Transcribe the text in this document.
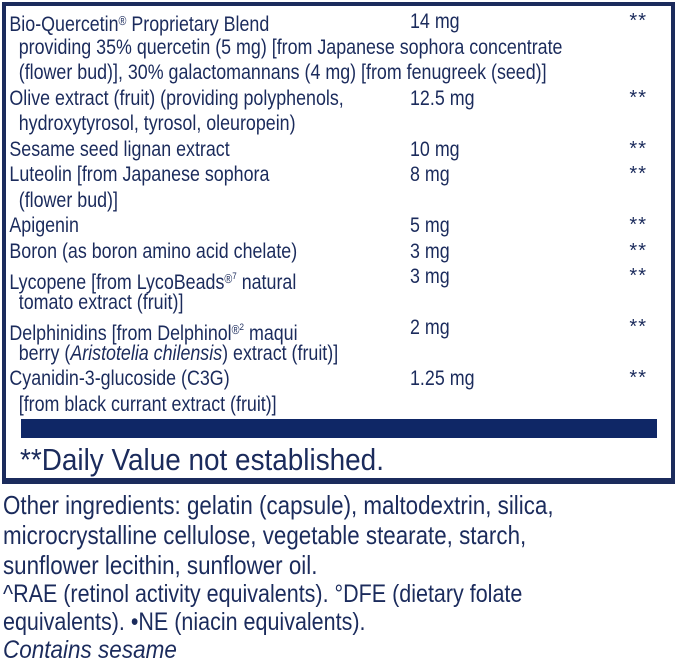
Bio-Quercetin® Proprietary Blend
providing 35% quercetin (5 mg) [from Japanese sophora concentrate
(flower bud)], 30% galactomannans (4 mg) [from fenugreek (seed)]
14 mg	**
Olive extract (fruit) (providing polyphenols,
hydroxytyrosol, tyrosol, oleuropein)
12.5 mg	**
Sesame seed lignan extract	10 mg	**
Luteolin [from Japanese sophora
(flower bud)]
8 mg	**
Apigenin	5 mg	**
Boron (as boron amino acid chelate)	3 mg	**
Lycopene [from LycoBeads$^{®7}$ natural
tomato extract (fruit)]
3 mg	**
Delphinidins [from Delphinol$^{®2}$ maqui
berry (Aristotelia chilensis) extract (fruit)]
2 mg	**
Cyanidin-3-glucoside (C3G)
[from black currant extract (fruit)]
1.25 mg	**
**Daily Value not established.
Other ingredients: gelatin (capsule), maltodextrin, silica,
microcrystalline cellulose, vegetable stearate, starch,
sunflower lecithin, sunflower oil.
^RAE (retinol activity equivalents). °DFE (dietary folate
equivalents). •NE (niacin equivalents).
Contains sesame
